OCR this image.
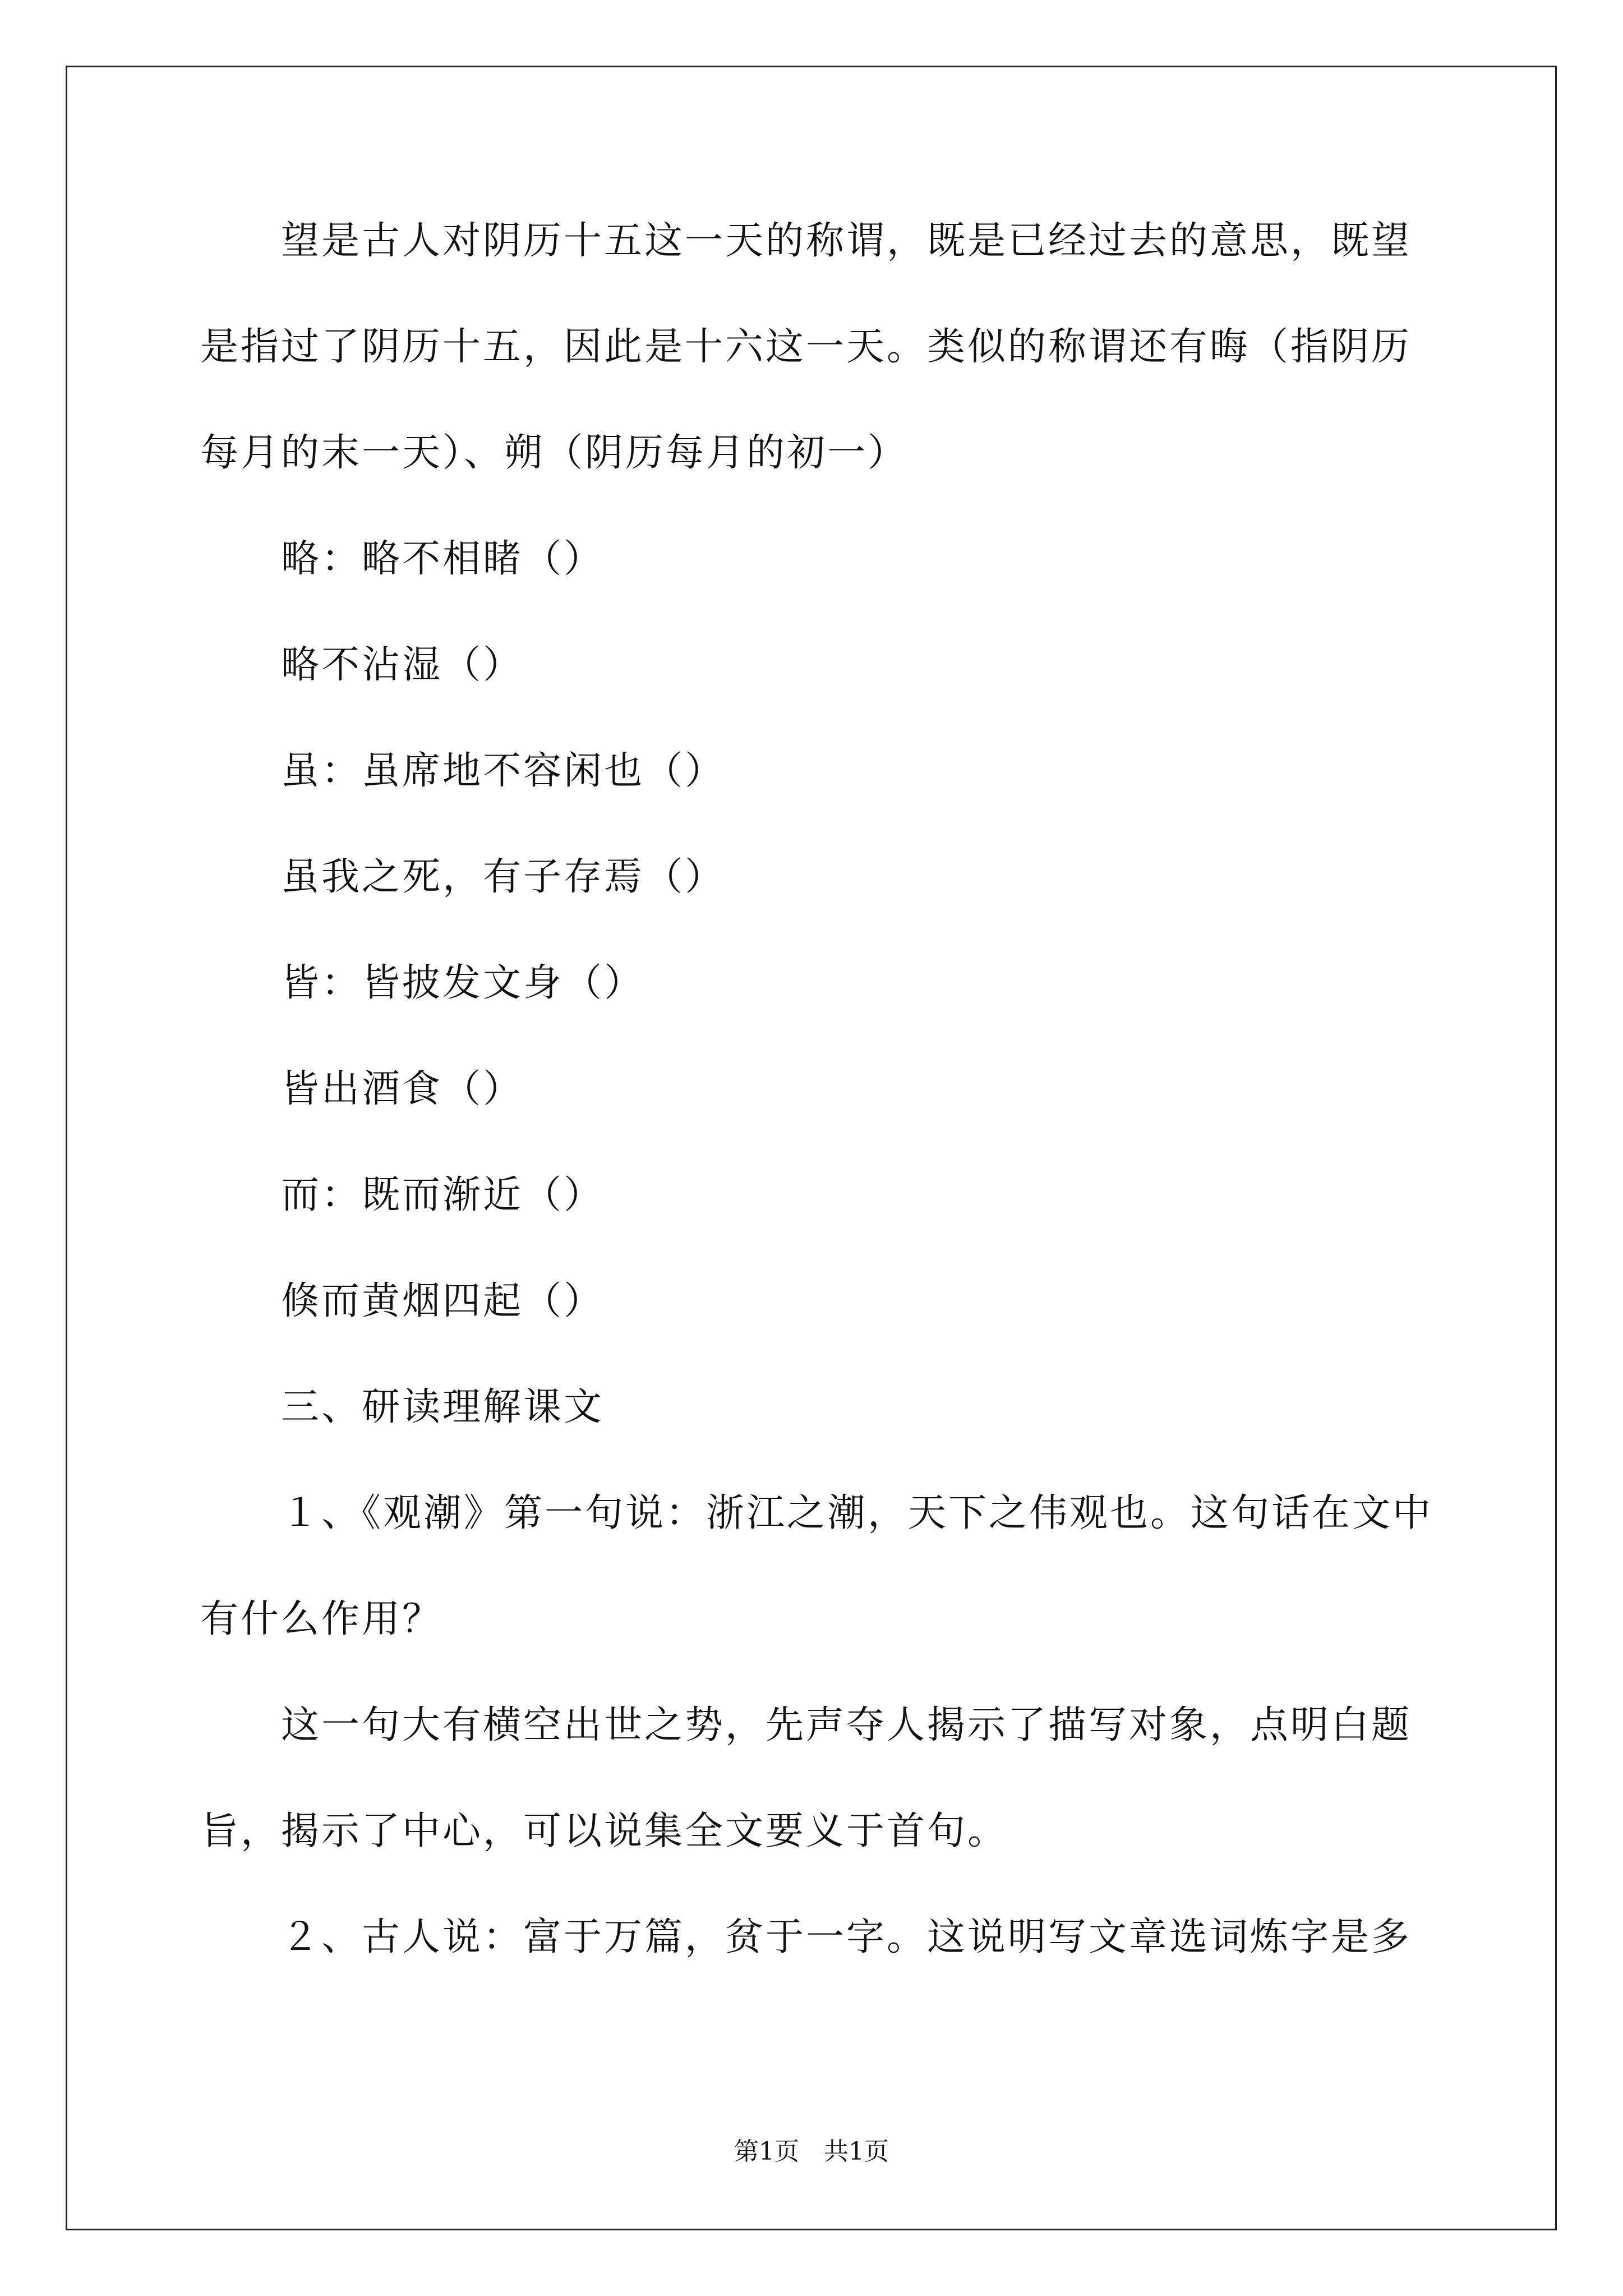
　　望是古人对阴历十五这一天的称谓，既是已经过去的意思，既望
是指过了阴历十五，因此是十六这一天。类似的称谓还有晦（指阴历
每月的末一天）、朔（阴历每月的初一）
　　略：略不相睹（）
　　略不沾湿（）
　　虽：虽席地不容闲也（）
　　虽我之死，有子存焉（）
　　皆：皆披发文身（）
　　皆出酒食（）
　　而：既而渐近（）
　　倏而黄烟四起（）
　　三、研读理解课文
　　１、《观潮》第一句说：浙江之潮，天下之伟观也。这句话在文中
有什么作用？
　　这一句大有横空出世之势，先声夺人揭示了描写对象，点明白题
旨，揭示了中心，可以说集全文要义于首句。
　　２、古人说：富于万篇，贫于一字。这说明写文章选词炼字是多
第1页　共1页
